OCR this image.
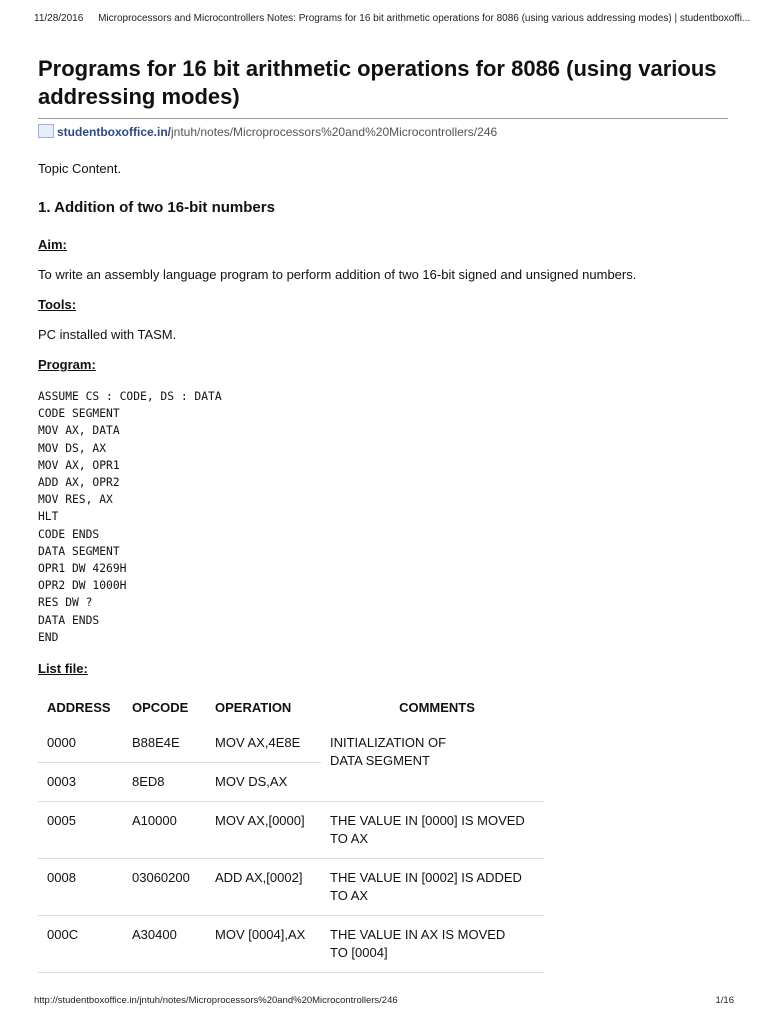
11/28/2016 Microprocessors and Microcontrollers Notes: Programs for 16 bit arithmetic operations for 8086 (using various addressing modes) | studentboxoffi...
Programs for 16 bit arithmetic operations for 8086 (using various addressing modes)
studentboxoffice.in/ jntuh/notes/Microprocessors%20and%20Microcontrollers/246
Topic Content.
1. Addition of two 16-bit numbers
Aim:
To write an assembly language program to perform addition of two 16-bit signed and unsigned numbers.
Tools:
PC installed with TASM.
Program:
ASSUME CS : CODE, DS : DATA
CODE SEGMENT
MOV AX, DATA
MOV DS, AX
MOV AX, OPR1
ADD AX, OPR2
MOV RES, AX
HLT
CODE ENDS
DATA SEGMENT
OPR1 DW 4269H
OPR2 DW 1000H
RES DW ?
DATA ENDS
END
List file:
ADDRESS	OPCODE	OPERATION	COMMENTS
0000	B88E4E	MOV AX,4E8E	INITIALIZATION OF
DATA SEGMENT
0003	8ED8	MOV DS,AX	
0005	A10000	MOV AX,[0000]	THE VALUE IN [0000] IS MOVED
TO AX
0008	03060200	ADD AX,[0002]	THE VALUE IN [0002] IS ADDED
TO AX
000C	A30400	MOV [0004],AX	THE VALUE IN AX IS MOVED
TO [0004]
http://studentboxoffice.in/jntuh/notes/Microprocessors%20and%20Microcontrollers/246	1/16
